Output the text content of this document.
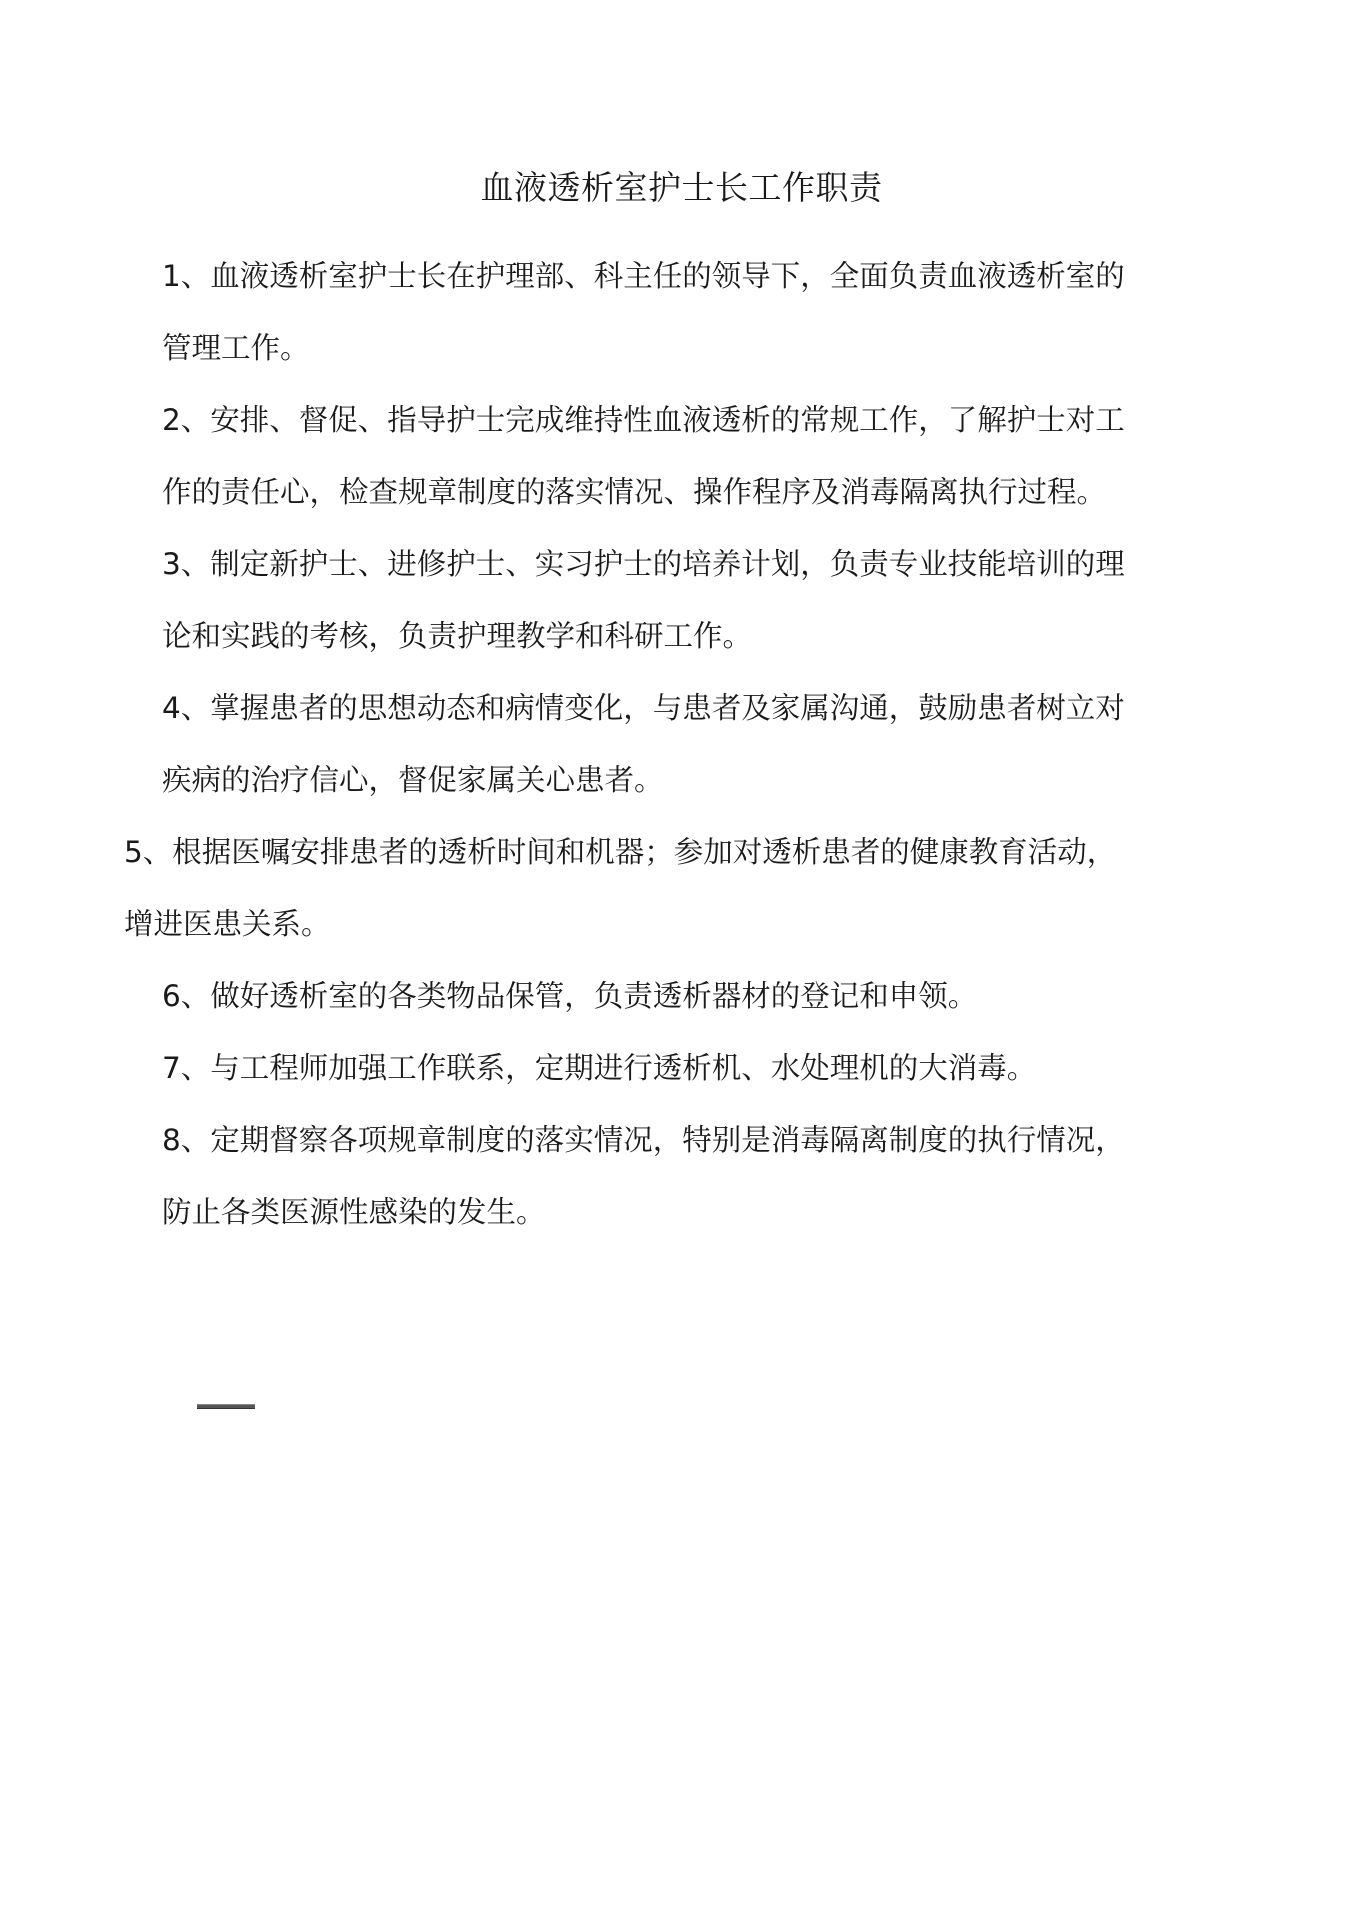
血液透析室护士长工作职责

1、血液透析室护士长在护理部、科主任的领导下，全面负责血液透析室的

管理工作。

2、安排、督促、指导护士完成维持性血液透析的常规工作，了解护士对工

作的责任心，检查规章制度的落实情况、操作程序及消毒隔离执行过程。

3、制定新护士、进修护士、实习护士的培养计划，负责专业技能培训的理

论和实践的考核，负责护理教学和科研工作。

4、掌握患者的思想动态和病情变化，与患者及家属沟通，鼓励患者树立对

疾病的治疗信心，督促家属关心患者。

5、根据医嘱安排患者的透析时间和机器；参加对透析患者的健康教育活动，

增进医患关系。

6、做好透析室的各类物品保管，负责透析器材的登记和申领。

7、与工程师加强工作联系，定期进行透析机、水处理机的大消毒。

8、定期督察各项规章制度的落实情况，特别是消毒隔离制度的执行情况，

防止各类医源性感染的发生。
